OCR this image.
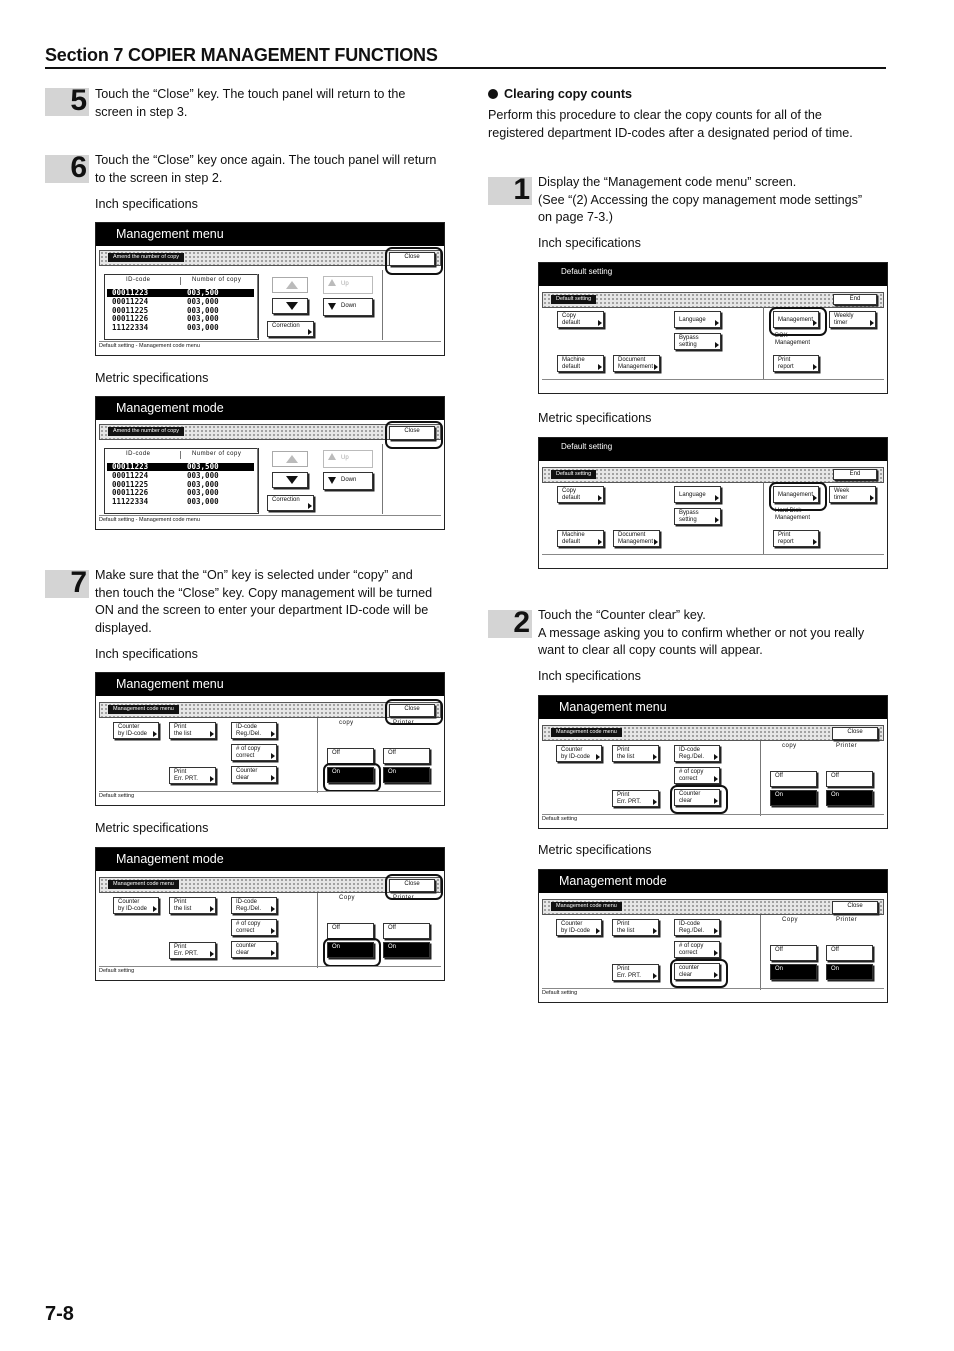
Section 7 COPIER MANAGEMENT FUNCTIONS
5 Touch the “Close” key. The touch panel will return to the

screen in step 3.

6 Touch the “Close” key once again. The touch panel will return

to the screen in step 2.

Inch specifications
Management menu
Amend the number of copy	Close
ID-code	Number of copy
00011223	003,500
00011224	003,000
00011225	003,000
00011226	003,000
11122334	003,000
Up
Down
Correction
Default setting - Management code menu
Metric specifications
Management mode
Amend the number of copy	Close
ID-code	Number of copy
00011223	003,500
00011224	003,000
00011225	003,000
00011226	003,000
11122334	003,000
Up
Down
Correction
Default setting - Management code menu
7 Make sure that the “On” key is selected under “copy” and

then touch the “Close” key. Copy management will be turned

ON and the screen to enter your department ID-code will be

displayed.

Inch specifications
Management menu
Management code menu	Close
Counter
by ID-code
Print
the list
ID-code
Reg./Del.
# of copy
correct
Print
Err. PRT.
Counter
clear
copy	Printer
Off	Off
On	On
Default setting
Metric specifications
Management mode
Management code menu	Close
Counter
by ID-code
Print
the list
ID-code
Reg./Del.
# of copy
correct
Print
Err. PRT.
counter
clear
Copy	Printer
Off	Off
On	On
Default setting
Clearing copy counts

Perform this procedure to clear the copy counts for all of the

registered department ID-codes after a designated period of time.

1 Display the “Management code menu” screen.

(See “(2) Accessing the copy management mode settings”

on page 7-3.)

Inch specifications
Default setting
Default setting	End
Copy
default	Language	Management
Weekly
timer
Bypass
setting
BOX
Management
Machine
default
Document
Management
Print
report
Metric specifications
Default setting
Default setting	End
Copy
default	Language	Management
Week
timer
Bypass
setting
Hard Disk
Management
Machine
default
Document
Management
Print
report
2 Touch the “Counter clear” key.

A message asking you to confirm whether or not you really

want to clear all copy counts will appear.

Inch specifications
Management menu
Management code menu	Close
Counter
by ID-code
Print
the list
ID-code
Reg./Del.
# of copy
correct
Print
Err. PRT.
Counter
clear
copy	Printer
Off	Off
On	On
Default setting
Metric specifications
Management mode
Management code menu	Close
Counter
by ID-code
Print
the list
ID-code
Reg./Del.
# of copy
correct
Print
Err. PRT.
counter
clear
Copy	Printer
Off	Off
On	On
Default setting
7-8
